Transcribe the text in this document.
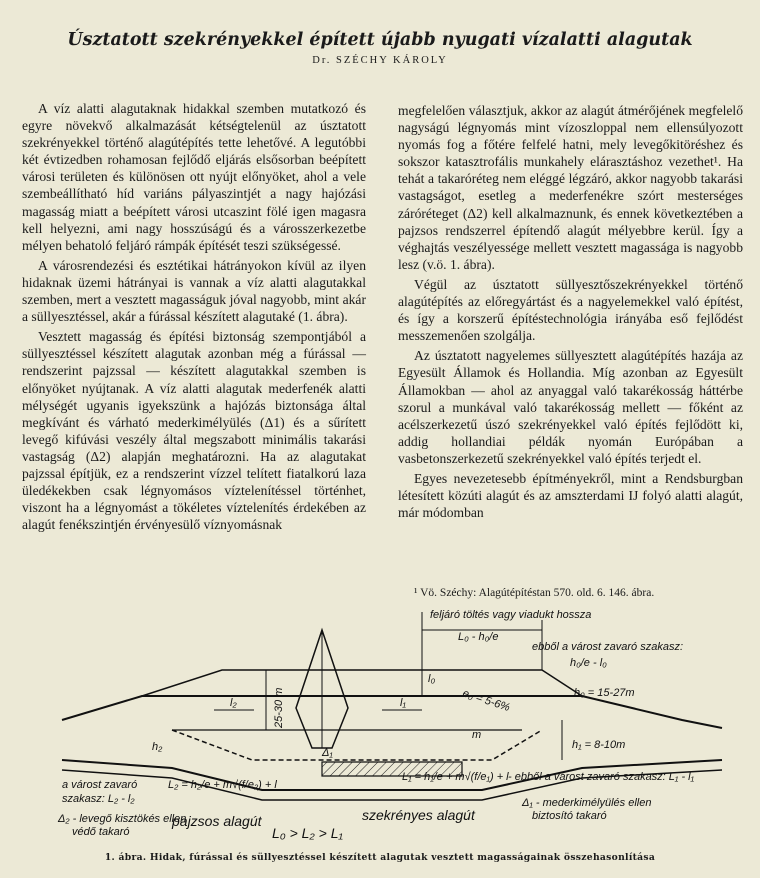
Úsztatott szekrényekkel épített újabb nyugati vízalatti alagutak
Dr. SZÉCHY KÁROLY

A víz alatti alagutaknak hidakkal szemben mutatkozó és egyre növekvő alkalmazását kétségtelenül az úsztatott szekrényekkel történő alagútépítés tette lehetővé. A legutóbbi két évtizedben rohamosan fejlődő eljárás elsősorban beépített városi területen és különösen ott nyújt előnyöket, ahol a vele szembeállítható híd variáns pályaszintjét a nagy hajózási magasság miatt a beépített városi utcaszint fölé igen magasra kell helyezni, ami nagy hosszúságú és a városszerkezetbe mélyen behatoló feljáró rámpák építését teszi szükségessé.

A városrendezési és esztétikai hátrányokon kívül az ilyen hidaknak üzemi hátrányai is vannak a víz alatti alagutakkal szemben, mert a vesztett magasságuk jóval nagyobb, mint akár a süllyesztéssel, akár a fúrással készített alagutaké (1. ábra).

Vesztett magasság és építési biztonság szempontjából a süllyesztéssel készített alagutak azonban még a fúrással — rendszerint pajzssal — készített alagutakkal szemben is előnyöket nyújtanak. A víz alatti alagutak mederfenék alatti mélységét ugyanis igyekszünk a hajózás biztonsága által megkívánt és várható mederkimélyülés (Δ1) és a sűrített levegő kifúvási veszély által megszabott minimális takarási vastagság (Δ2) alapján meghatározni. Ha az alagutakat pajzssal építjük, ez a rendszerint vízzel telített fiatalkorú laza üledékekben csak légnyomásos víztelenítéssel történhet, viszont ha a légnyomást a tökéletes víztelenítés érdekében az alagút fenékszintjén érvényesülő víznyomásnak

megfelelően választjuk, akkor az alagút átmérőjének megfelelő nagyságú légnyomás mint vízoszloppal nem ellensúlyozott nyomás fog a főtére felfelé hatni, mely levegőkitöréshez és sokszor katasztrofális munkahely elárasztáshoz vezethet¹. Ha tehát a takaróréteg nem eléggé légzáró, akkor nagyobb takarási vastagságot, esetleg a mederfenékre szórt mesterséges záróréteget (Δ2) kell alkalmaznunk, és ennek következtében a pajzsos rendszerrel építendő alagút mélyebbre kerül. Így a véghajtás veszélyessége mellett vesztett magassága is nagyobb lesz (v.ö. 1. ábra).

Végül az úsztatott süllyesztőszekrényekkel történő alagútépítés az előregyártást és a nagyelemekkel való építést, és így a korszerű építéstechnológia irányába eső fejlődést messzemenően szolgálja.

Az úsztatott nagyelemes süllyesztett alagútépítés hazája az Egyesült Államok és Hollandia. Míg azonban az Egyesült Államokban — ahol az anyaggal való takarékosság háttérbe szorul a munkával való takarékosság mellett — főként az acélszerkezetű úszó szekrényekkel való építés fejlődött ki, addig hollandiai példák nyomán Európában a vasbetonszerkezetű szekrényekkel való építés terjedt el.

Egyes nevezetesebb építményekről, mint a Rendsburgban létesített közúti alagút és az amszterdami IJ folyó alatti alagút, már módomban

¹ Vö. Széchy: Alagútépítéstan 570. old. 6. 146. ábra.
feljáró töltés vagy viadukt hossza
L₀ - h₀/e
ebből a várost zavaró szakasz:
h₀/e - l₀
l₀
e₀ = 5-6%	h₀ = 15-27m
25-30 m
l₂	l₁
h₂	h₁ = 8-10m
Δ₁
m
a várost zavaró
szakasz: L₂ - l₂
L₂ = h₂/e + m√(f/e₂) + l
L₁ = h₁/e + m√(f/e₁) + l - ebből a várost zavaró szakasz: L₁ - l₁
Δ₁ - mederkimélyülés ellen
biztosító takaró
Δ₂ - levegő kisztökés ellen
védő takaró
pajzsos alagút	szekrényes alagút
L₀ > L₂ > L₁
1. ábra. Hidak, fúrással és süllyesztéssel készített alagutak vesztett magasságainak összehasonlítása
